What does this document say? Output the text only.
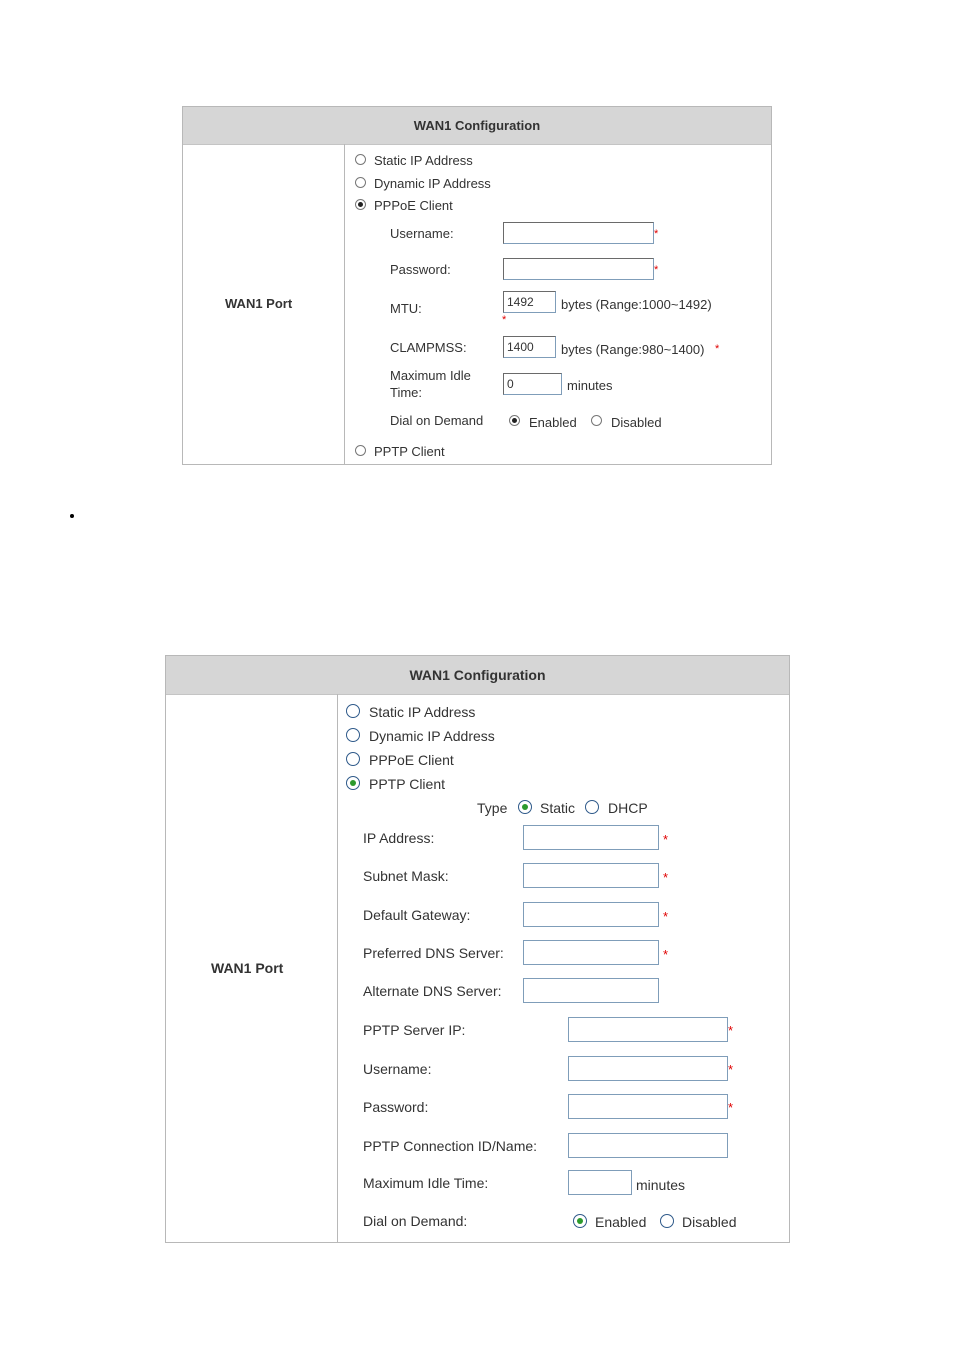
WAN1 Configuration
WAN1 Port
Static IP Address
Dynamic IP Address
PPPoE Client
Username:	*
Password:	*
MTU:
1492	bytes (Range:1000~1492)
*
CLAMPMSS:
1400	bytes (Range:980~1400) *
Maximum Idle
Time:
0	minutes
Dial on Demand	Enabled	Disabled
PPTP Client
WAN1 Configuration
WAN1 Port
Static IP Address
Dynamic IP Address
PPPoE Client
PPTP Client
Type Static DHCP
IP Address:	*
Subnet Mask:	*
Default Gateway:	*
Preferred DNS Server:	*
Alternate DNS Server:
PPTP Server IP:	*
Username:	*
Password:	*
PPTP Connection ID/Name:
Maximum Idle Time:	minutes
Dial on Demand:	Enabled	Disabled
